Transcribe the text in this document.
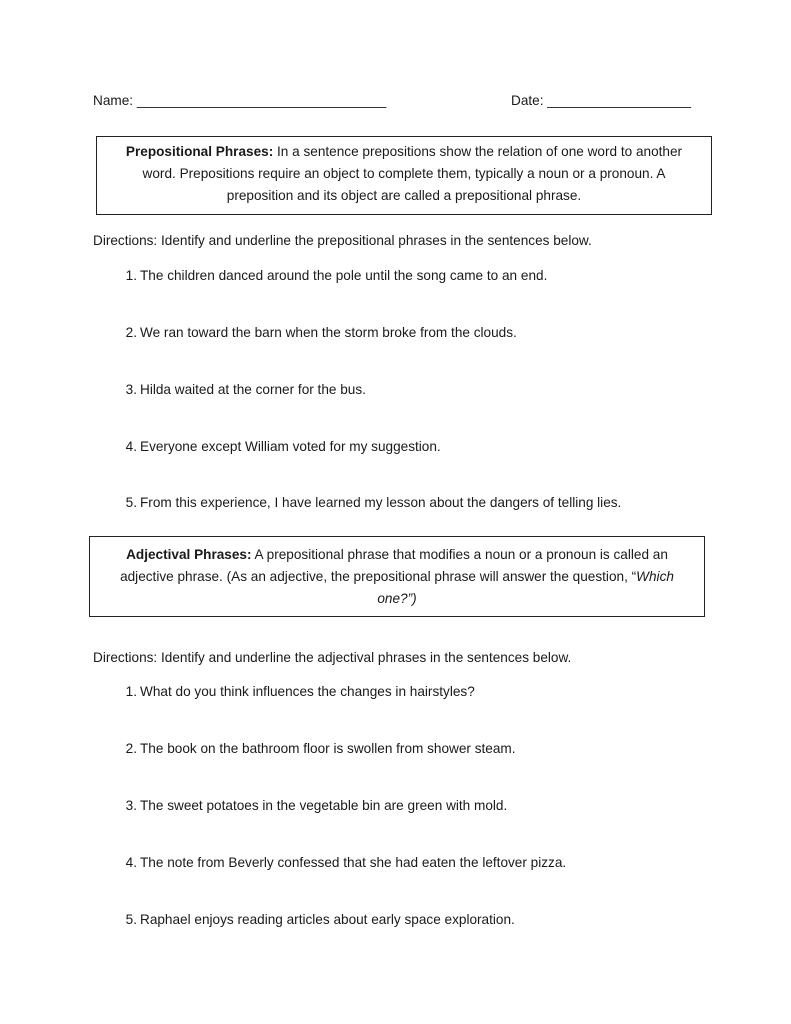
Name: _________________________________	Date: ___________________
Prepositional Phrases: In a sentence prepositions show the relation of one word to another word. Prepositions require an object to complete them, typically a noun or a pronoun. A preposition and its object are called a prepositional phrase.
Directions: Identify and underline the prepositional phrases in the sentences below.
1. The children danced around the pole until the song came to an end.
2. We ran toward the barn when the storm broke from the clouds.
3. Hilda waited at the corner for the bus.
4. Everyone except William voted for my suggestion.
5. From this experience, I have learned my lesson about the dangers of telling lies.
Adjectival Phrases: A prepositional phrase that modifies a noun or a pronoun is called an adjective phrase. (As an adjective, the prepositional phrase will answer the question, “Which one?”)
Directions: Identify and underline the adjectival phrases in the sentences below.
1. What do you think influences the changes in hairstyles?
2. The book on the bathroom floor is swollen from shower steam.
3. The sweet potatoes in the vegetable bin are green with mold.
4. The note from Beverly confessed that she had eaten the leftover pizza.
5. Raphael enjoys reading articles about early space exploration.
